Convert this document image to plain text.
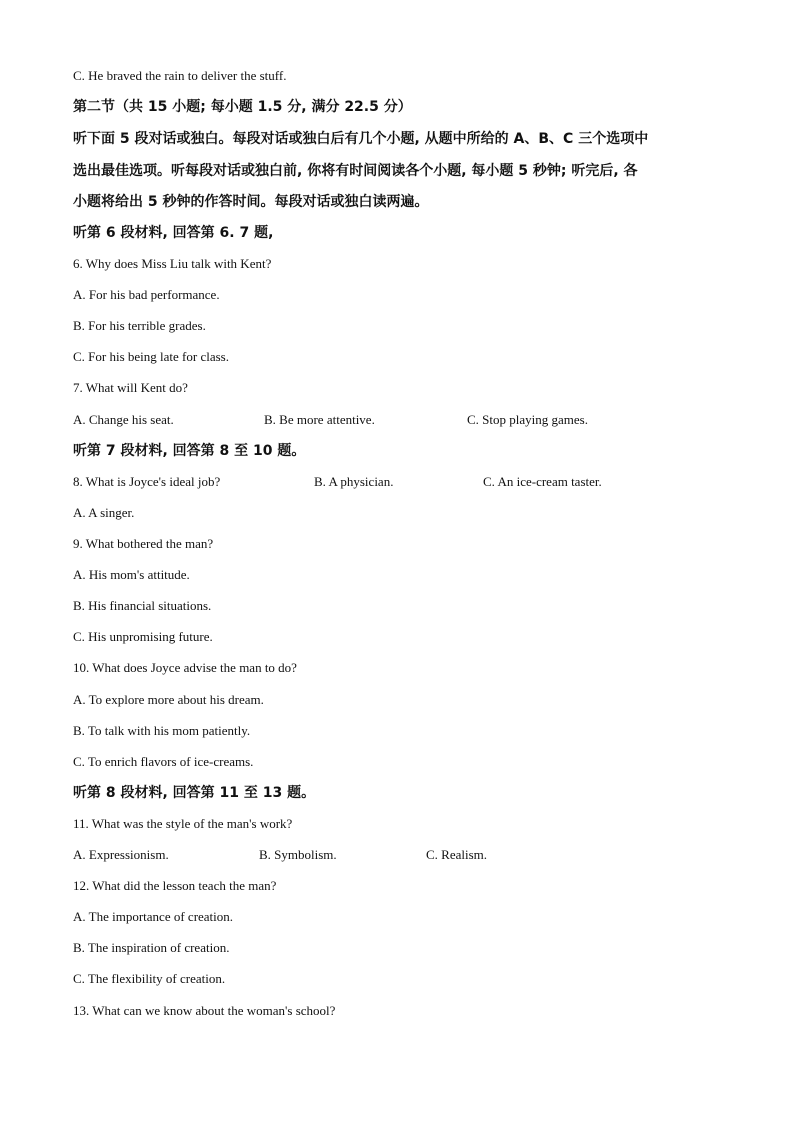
C. He braved the rain to deliver the stuff.
第二节（共 15 小题; 每小题 1.5 分, 满分 22.5 分）
听下面 5 段对话或独白。每段对话或独白后有几个小题, 从题中所给的 A、B、C 三个选项中
选出最佳选项。听每段对话或独白前, 你将有时间阅读各个小题, 每小题 5 秒钟; 听完后, 各
小题将给出 5 秒钟的作答时间。每段对话或独白读两遍。
听第 6 段材料, 回答第 6. 7 题,
6. Why does Miss Liu talk with Kent?
A. For his bad performance.
B. For his terrible grades.
C. For his being late for class.
7. What will Kent do?
A. Change his seat.	B. Be more attentive.	C. Stop playing games.
听第 7 段材料, 回答第 8 至 10 题。
8. What is Joyce's ideal job?	B. A physician.	C. An ice-cream taster.
A. A singer.
9. What bothered the man?
A. His mom's attitude.
B. His financial situations.
C. His unpromising future.
10. What does Joyce advise the man to do?
A. To explore more about his dream.
B. To talk with his mom patiently.
C. To enrich flavors of ice-creams.
听第 8 段材料, 回答第 11 至 13 题。
11. What was the style of the man's work?
A. Expressionism.	B. Symbolism.	C. Realism.
12. What did the lesson teach the man?
A. The importance of creation.
B. The inspiration of creation.
C. The flexibility of creation.
13. What can we know about the woman's school?
